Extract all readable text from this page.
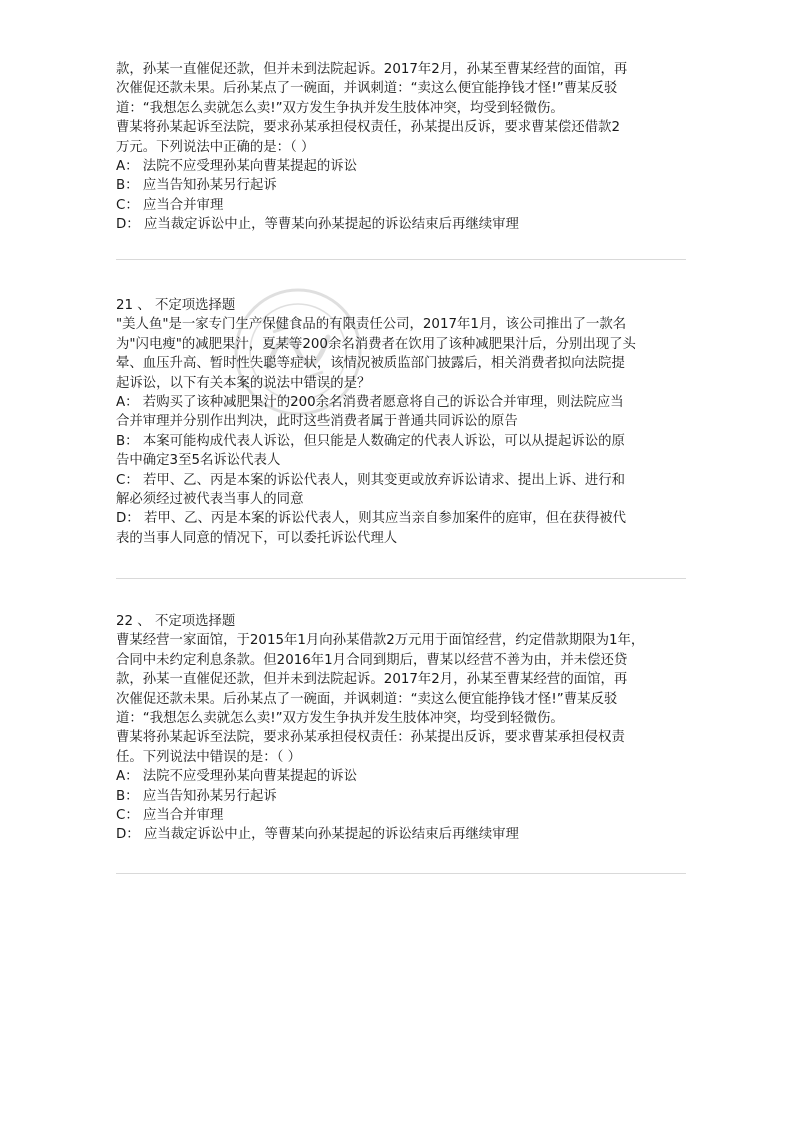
款，孙某一直催促还款，但并未到法院起诉。2017年2月，孙某至曹某经营的面馆，再
次催促还款未果。后孙某点了一碗面，并讽刺道：“卖这么便宜能挣钱才怪!”曹某反驳
道：“我想怎么卖就怎么卖!”双方发生争执并发生肢体冲突，均受到轻微伤。
曹某将孙某起诉至法院，要求孙某承担侵权责任，孙某提出反诉，要求曹某偿还借款2
万元。下列说法中正确的是：（ ）
A： 法院不应受理孙某向曹某提起的诉讼
B： 应当告知孙某另行起诉
C： 应当合并审理
D： 应当裁定诉讼中止，等曹某向孙某提起的诉讼结束后再继续审理
21 、 不定项选择题
"美人鱼"是一家专门生产保健食品的有限责任公司，2017年1月，该公司推出了一款名
为"闪电瘦"的减肥果汁，夏某等200余名消费者在饮用了该种减肥果汁后，分别出现了头
晕、血压升高、暂时性失聪等症状，该情况被质监部门披露后，相关消费者拟向法院提
起诉讼，以下有关本案的说法中错误的是？
A： 若购买了该种减肥果汁的200余名消费者愿意将自己的诉讼合并审理，则法院应当
合并审理并分别作出判决，此时这些消费者属于普通共同诉讼的原告
B： 本案可能构成代表人诉讼，但只能是人数确定的代表人诉讼，可以从提起诉讼的原
告中确定3至5名诉讼代表人
C： 若甲、乙、丙是本案的诉讼代表人，则其变更或放弃诉讼请求、提出上诉、进行和
解必须经过被代表当事人的同意
D： 若甲、乙、丙是本案的诉讼代表人，则其应当亲自参加案件的庭审，但在获得被代
表的当事人同意的情况下，可以委托诉讼代理人
22 、 不定项选择题
曹某经营一家面馆，于2015年1月向孙某借款2万元用于面馆经营，约定借款期限为1年，
合同中未约定利息条款。但2016年1月合同到期后，曹某以经营不善为由，并未偿还贷
款，孙某一直催促还款，但并未到法院起诉。2017年2月，孙某至曹某经营的面馆，再
次催促还款未果。后孙某点了一碗面，并讽刺道：“卖这么便宜能挣钱才怪!”曹某反驳
道：“我想怎么卖就怎么卖!”双方发生争执并发生肢体冲突，均受到轻微伤。
曹某将孙某起诉至法院，要求孙某承担侵权责任：孙某提出反诉，要求曹某承担侵权责
任。下列说法中错误的是：（ ）
A： 法院不应受理孙某向曹某提起的诉讼
B： 应当告知孙某另行起诉
C： 应当合并审理
D： 应当裁定诉讼中止，等曹某向孙某提起的诉讼结束后再继续审理
